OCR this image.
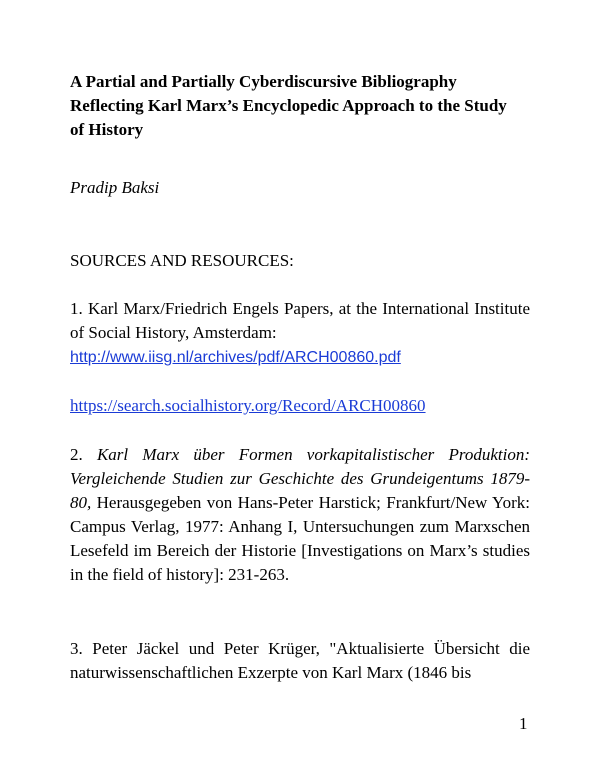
A Partial and Partially Cyberdiscursive Bibliography
Reflecting Karl Marx’s Encyclopedic Approach to the Study
of History
Pradip Baksi
SOURCES AND RESOURCES:
1. Karl Marx/Friedrich Engels Papers, at the International Institute of Social History, Amsterdam:
http://www.iisg.nl/archives/pdf/ARCH00860.pdf
https://search.socialhistory.org/Record/ARCH00860
2. Karl Marx über Formen vorkapitalistischer Produktion: Vergleichende Studien zur Geschichte des Grundeigentums 1879-80, Herausgegeben von Hans-Peter Harstick; Frankfurt/New York: Campus Verlag, 1977: Anhang I, Untersuchungen zum Marxschen Lesefeld im Bereich der Historie [Investigations on Marx’s studies in the field of history]: 231-263.
3. Peter Jäckel und Peter Krüger, "Aktualisierte Übersicht die naturwissenschaftlichen Exzerpte von Karl Marx (1846 bis
1
